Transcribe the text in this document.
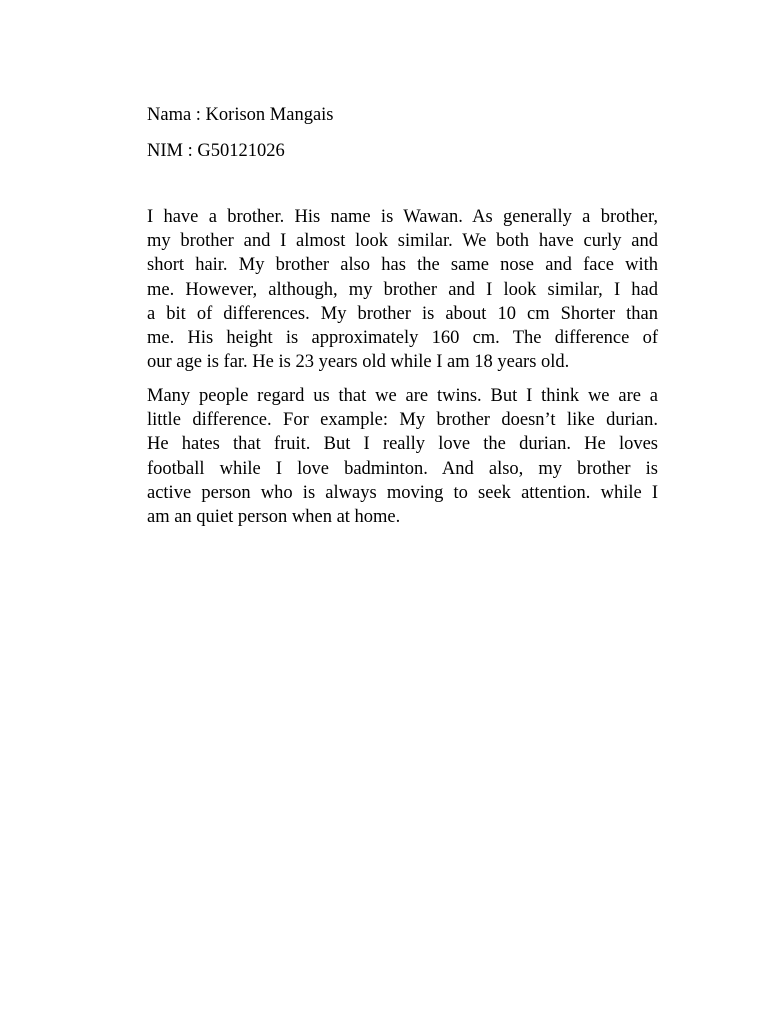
Nama : Korison Mangais
NIM : G50121026
I have a brother. His name is Wawan. As generally a brother,
my brother and I almost look similar. We both have curly and
short hair. My brother also has the same nose and face with
me. However, although, my brother and I look similar, I had
a bit of differences. My brother is about 10 cm Shorter than
me. His height is approximately 160 cm. The difference of
our age is far. He is 23 years old while I am 18 years old.
Many people regard us that we are twins. But I think we are a
little difference. For example: My brother doesn’t like durian.
He hates that fruit. But I really love the durian. He loves
football while I love badminton. And also, my brother is
active person who is always moving to seek attention. while I
am an quiet person when at home.
